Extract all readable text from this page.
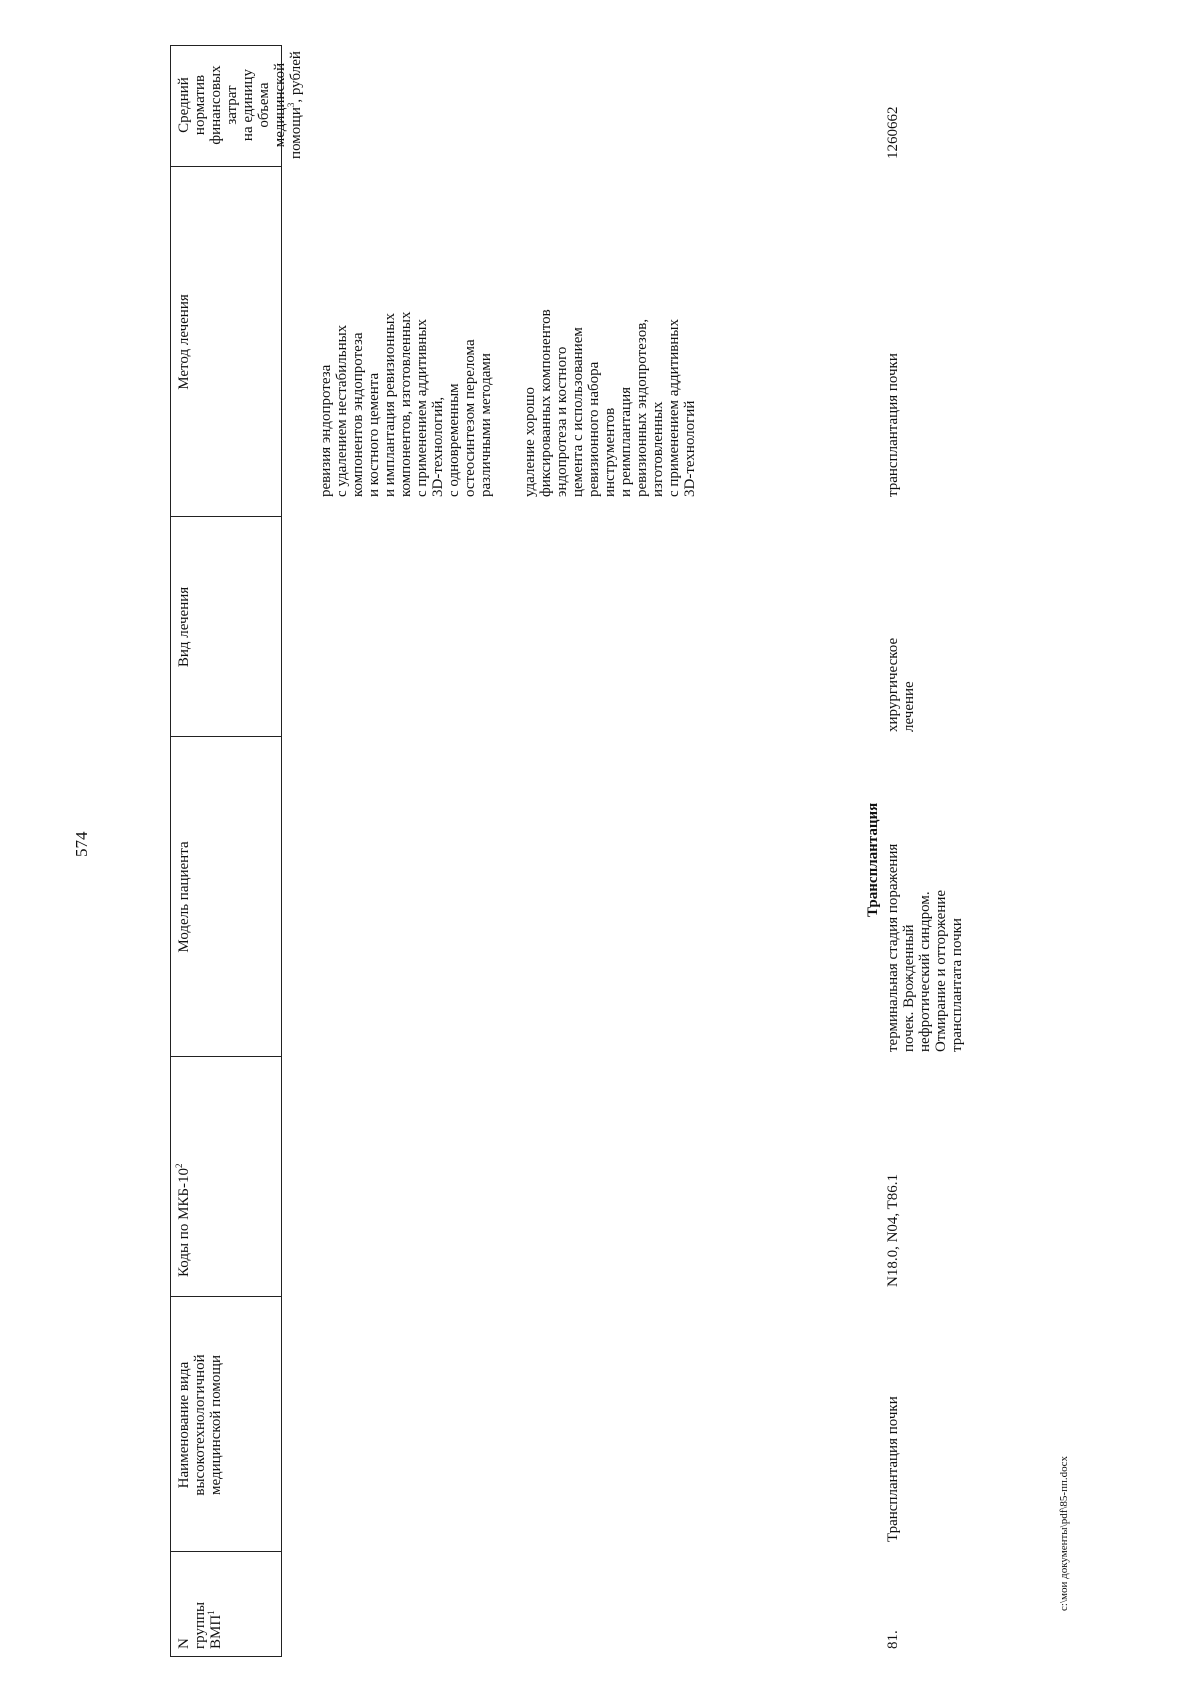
574
N
группы
ВМП$^1$
Наименование вида
высокотехнологичной
медицинской помощи
Коды по МКБ-$10^2$
Модель пациента
Вид лечения
Метод лечения
Средний норматив
финансовых затрат
на единицу объема
медицинской
помощи$^3$, рублей
ревизия эндопротеза
с удалением нестабильных
компонентов эндопротеза
и костного цемента
и имплантация ревизионных
компонентов, изготовленных
с применением аддитивных
3D-технологий,
с одновременным
остеосинтезом перелома
различными методами
удаление хорошо
фиксированных компонентов
эндопротеза и костного
цемента с использованием
ревизионного набора
инструментов
и реимплантация
ревизионных эндопротезов,
изготовленных
с применением аддитивных
3D-технологий
Трансплантация
81.
Трансплантация почки
N18.0, N04, T86.1
терминальная стадия поражения
почек. Врожденный
нефротический синдром.
Отмирание и отторжение
трансплантата почки
хирургическое
лечение
трансплантация почки
1260662
c:\мои документы\pdf\85-пп.docx
